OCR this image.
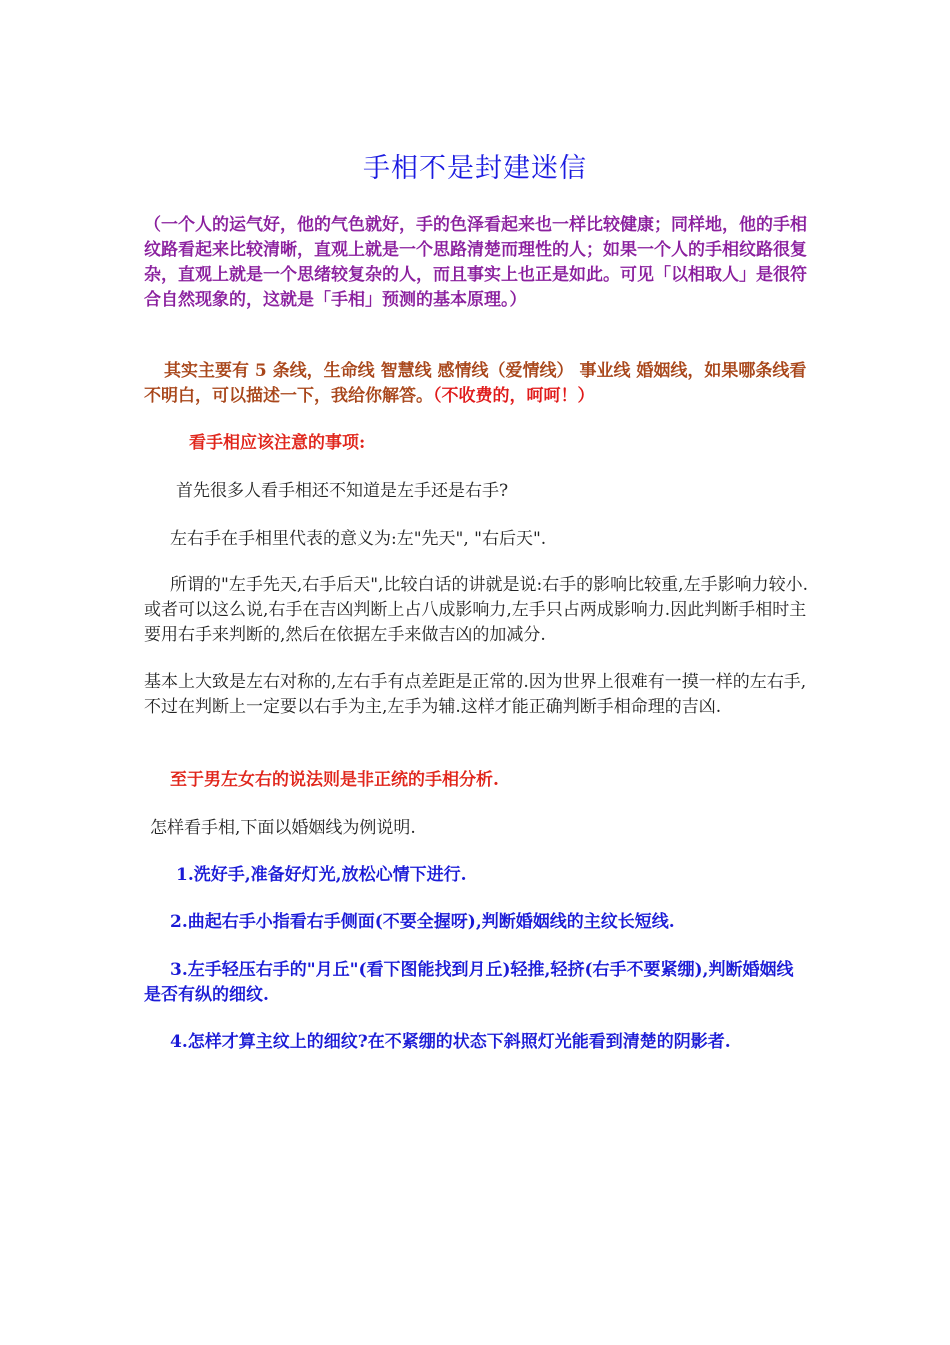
手相不是封建迷信
（一个人的运气好，他的气色就好，手的色泽看起来也一样比较健康；同样地，他的手相纹路看起来比较清晰，直观上就是一个思路清楚而理性的人；如果一个人的手相纹路很复杂，直观上就是一个思绪较复杂的人，而且事实上也正是如此。可见「以相取人」是很符合自然现象的，这就是「手相」预测的基本原理。）
其实主要有 5 条线，生命线 智慧线 感情线（爱情线） 事业线 婚姻线，如果哪条线看不明白，可以描述一下，我给你解答。（不收费的，呵呵！）
看手相应该注意的事项:
首先很多人看手相还不知道是左手还是右手?
左右手在手相里代表的意义为:左"先天", "右后天".
所谓的"左手先天,右手后天",比较白话的讲就是说:右手的影响比较重,左手影响力较小.或者可以这么说,右手在吉凶判断上占八成影响力,左手只占两成影响力.因此判断手相时主要用右手来判断的,然后在依据左手来做吉凶的加减分.
基本上大致是左右对称的,左右手有点差距是正常的.因为世界上很难有一摸一样的左右手,不过在判断上一定要以右手为主,左手为辅.这样才能正确判断手相命理的吉凶.
至于男左女右的说法则是非正统的手相分析.
怎样看手相,下面以婚姻线为例说明.
1.洗好手,准备好灯光,放松心情下进行.
2.曲起右手小指看右手侧面(不要全握呀),判断婚姻线的主纹长短线.
3.左手轻压右手的"月丘"(看下图能找到月丘)轻推,轻挤(右手不要紧绷),判断婚姻线是否有纵的细纹.
4.怎样才算主纹上的细纹?在不紧绷的状态下斜照灯光能看到清楚的阴影者.
